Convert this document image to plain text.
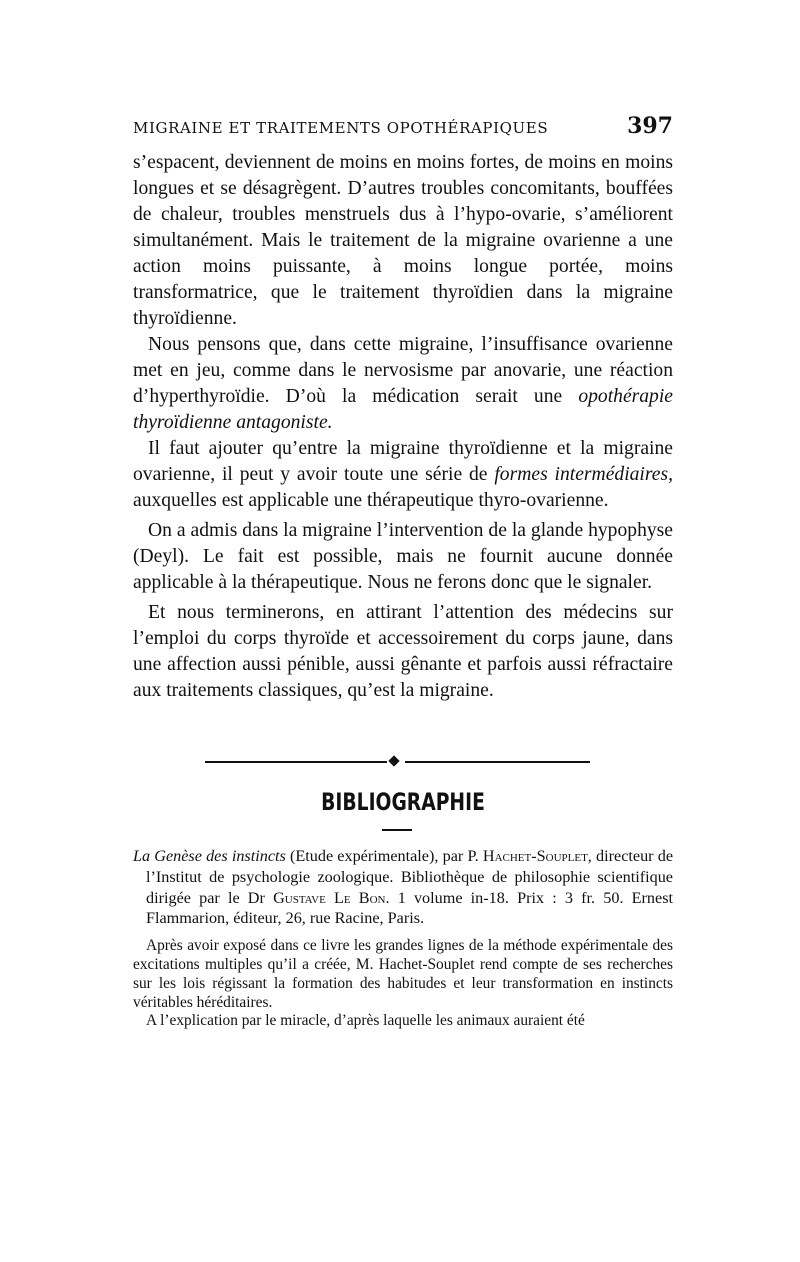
MIGRAINE ET TRAITEMENTS OPOTHÉRAPIQUES	397

s’espacent, deviennent de moins en moins fortes, de moins en moins longues et se désagrègent. D’autres troubles concomitants, bouffées de chaleur, troubles menstruels dus à l’hypo-ovarie, s’améliorent simultanément. Mais le traitement de la migraine ovarienne a une action moins puissante, à moins longue portée, moins transformatrice, que le traitement thyroïdien dans la migraine thyroïdienne.

Nous pensons que, dans cette migraine, l’insuffisance ovarienne met en jeu, comme dans le nervosisme par anovarie, une réaction d’hyperthyroïdie. D’où la médication serait une opothérapie thyroïdienne antagoniste.

Il faut ajouter qu’entre la migraine thyroïdienne et la migraine ovarienne, il peut y avoir toute une série de formes intermédiaires, auxquelles est applicable une thérapeutique thyro-ovarienne.

On a admis dans la migraine l’intervention de la glande hypophyse (Deyl). Le fait est possible, mais ne fournit aucune donnée applicable à la thérapeutique. Nous ne ferons donc que le signaler.

Et nous terminerons, en attirant l’attention des médecins sur l’emploi du corps thyroïde et accessoirement du corps jaune, dans une affection aussi pénible, aussi gênante et parfois aussi réfractaire aux traitements classiques, qu’est la migraine.

BIBLIOGRAPHIE

La Genèse des instincts (Etude expérimentale), par P. Hachet-Souplet, directeur de l’Institut de psychologie zoologique. Bibliothèque de philosophie scientifique dirigée par le Dr Gustave Le Bon. 1 volume in-18. Prix : 3 fr. 50. Ernest Flammarion, éditeur, 26, rue Racine, Paris.

Après avoir exposé dans ce livre les grandes lignes de la méthode expérimentale des excitations multiples qu’il a créée, M. Hachet-Souplet rend compte de ses recherches sur les lois régissant la formation des habitudes et leur transformation en instincts véritables héréditaires.

A l’explication par le miracle, d’après laquelle les animaux auraient été
